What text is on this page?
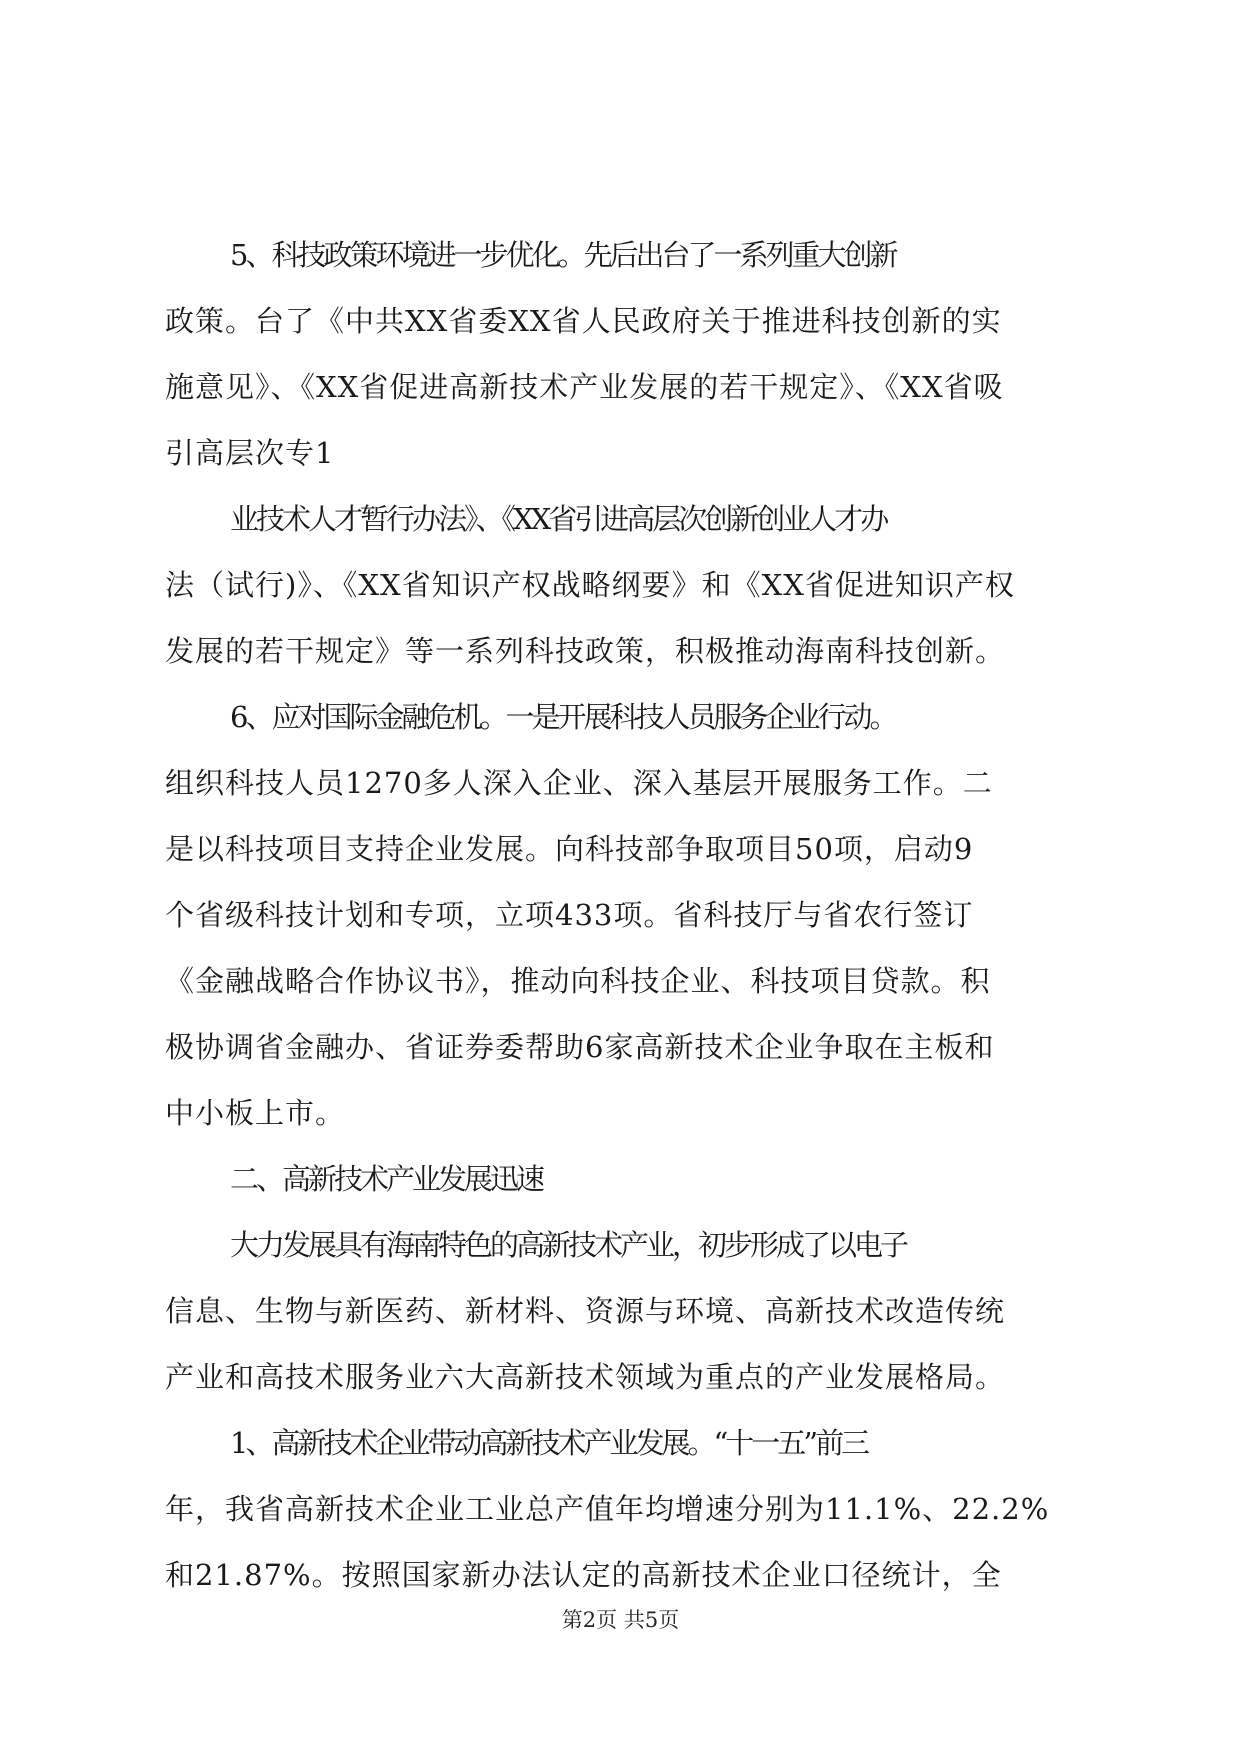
5、科技政策环境进一步优化。先后出台了一系列重大创新
政策。台了《中共XX省委XX省人民政府关于推进科技创新的实
施意见》、《XX省促进高新技术产业发展的若干规定》、《XX省吸
引高层次专1
业技术人才暂行办法》、《XX省引进高层次创新创业人才办
法（试行)》、《XX省知识产权战略纲要》和《XX省促进知识产权
发展的若干规定》等一系列科技政策，积极推动海南科技创新。
6、应对国际金融危机。一是开展科技人员服务企业行动。
组织科技人员1270多人深入企业、深入基层开展服务工作。二
是以科技项目支持企业发展。向科技部争取项目50项，启动9
个省级科技计划和专项，立项433项。省科技厅与省农行签订
《金融战略合作协议书》，推动向科技企业、科技项目贷款。积
极协调省金融办、省证券委帮助6家高新技术企业争取在主板和
中小板上市。
二、高新技术产业发展迅速
大力发展具有海南特色的高新技术产业，初步形成了以电子
信息、生物与新医药、新材料、资源与环境、高新技术改造传统
产业和高技术服务业六大高新技术领域为重点的产业发展格局。
1、高新技术企业带动高新技术产业发展。“十一五”前三
年，我省高新技术企业工业总产值年均增速分别为11.1%、22.2%
和21.87%。按照国家新办法认定的高新技术企业口径统计，全
第2页 共5页
